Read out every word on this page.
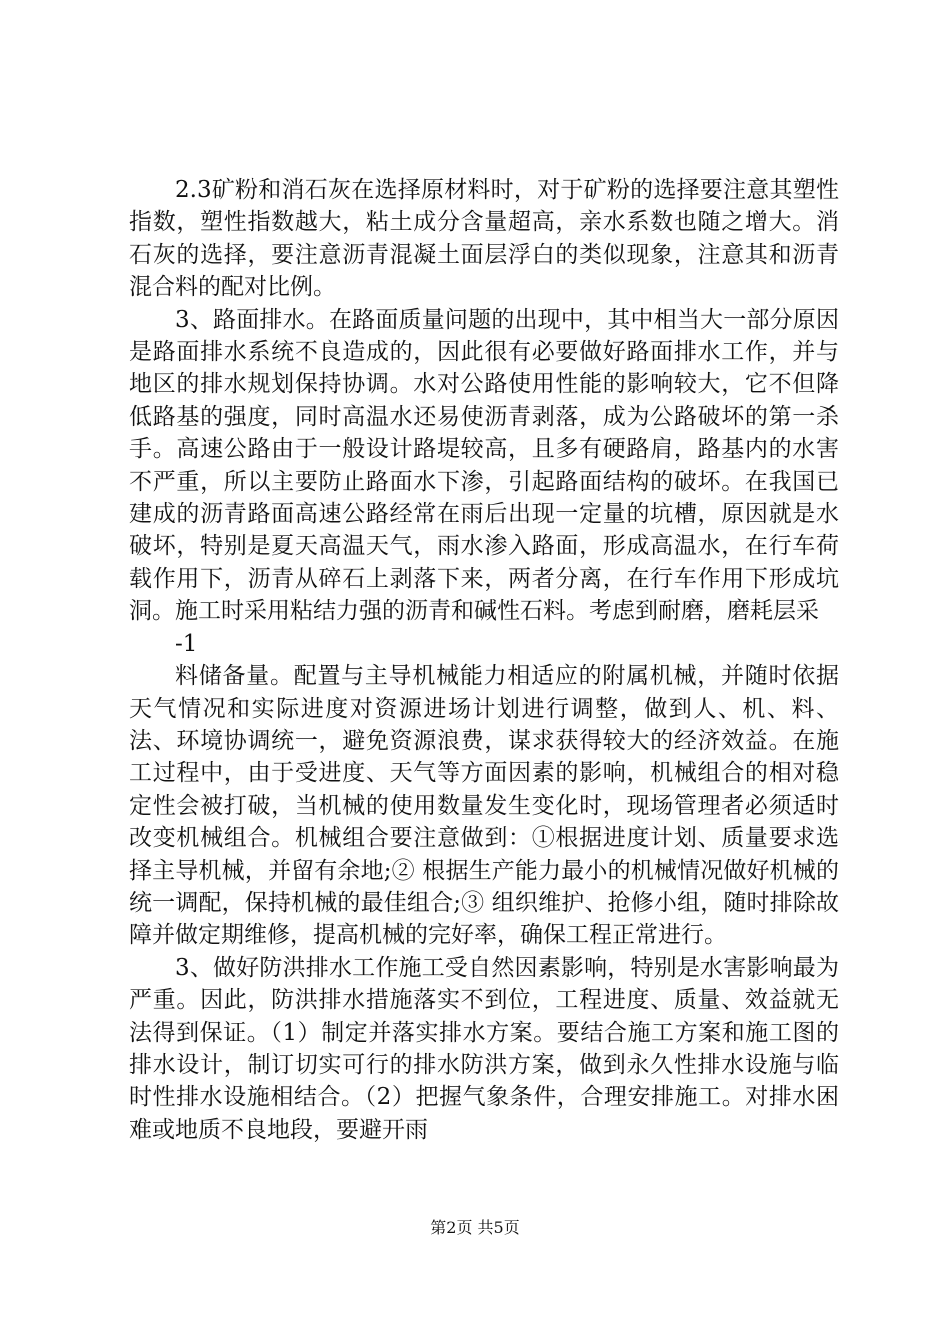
2.3矿粉和消石灰在选择原材料时，对于矿粉的选择要注意其塑性指数，塑性指数越大，粘土成分含量超高，亲水系数也随之增大。消石灰的选择，要注意沥青混凝土面层浮白的类似现象，注意其和沥青混合料的配对比例。

3、路面排水。在路面质量问题的出现中，其中相当大一部分原因是路面排水系统不良造成的，因此很有必要做好路面排水工作，并与地区的排水规划保持协调。水对公路使用性能的影响较大，它不但降低路基的强度，同时高温水还易使沥青剥落，成为公路破坏的第一杀手。高速公路由于一般设计路堤较高，且多有硬路肩，路基内的水害不严重，所以主要防止路面水下渗，引起路面结构的破坏。在我国已建成的沥青路面高速公路经常在雨后出现一定量的坑槽，原因就是水破坏，特别是夏天高温天气，雨水渗入路面，形成高温水，在行车荷载作用下，沥青从碎石上剥落下来，两者分离，在行车作用下形成坑洞。施工时采用粘结力强的沥青和碱性石料。考虑到耐磨，磨耗层采

-1

料储备量。配置与主导机械能力相适应的附属机械，并随时依据天气情况和实际进度对资源进场计划进行调整，做到人、机、料、法、环境协调统一，避免资源浪费，谋求获得较大的经济效益。在施工过程中，由于受进度、天气等方面因素的影响，机械组合的相对稳定性会被打破，当机械的使用数量发生变化时，现场管理者必须适时改变机械组合。机械组合要注意做到：①根据进度计划、质量要求选择主导机械，并留有余地;② 根据生产能力最小的机械情况做好机械的统一调配，保持机械的最佳组合;③ 组织维护、抢修小组，随时排除故障并做定期维修，提高机械的完好率，确保工程正常进行。

3、做好防洪排水工作施工受自然因素影响，特别是水害影响最为严重。因此，防洪排水措施落实不到位，工程进度、质量、效益就无法得到保证。（1）制定并落实排水方案。要结合施工方案和施工图的排水设计，制订切实可行的排水防洪方案，做到永久性排水设施与临时性排水设施相结合。（2）把握气象条件，合理安排施工。对排水困难或地质不良地段，要避开雨

第2页 共5页
